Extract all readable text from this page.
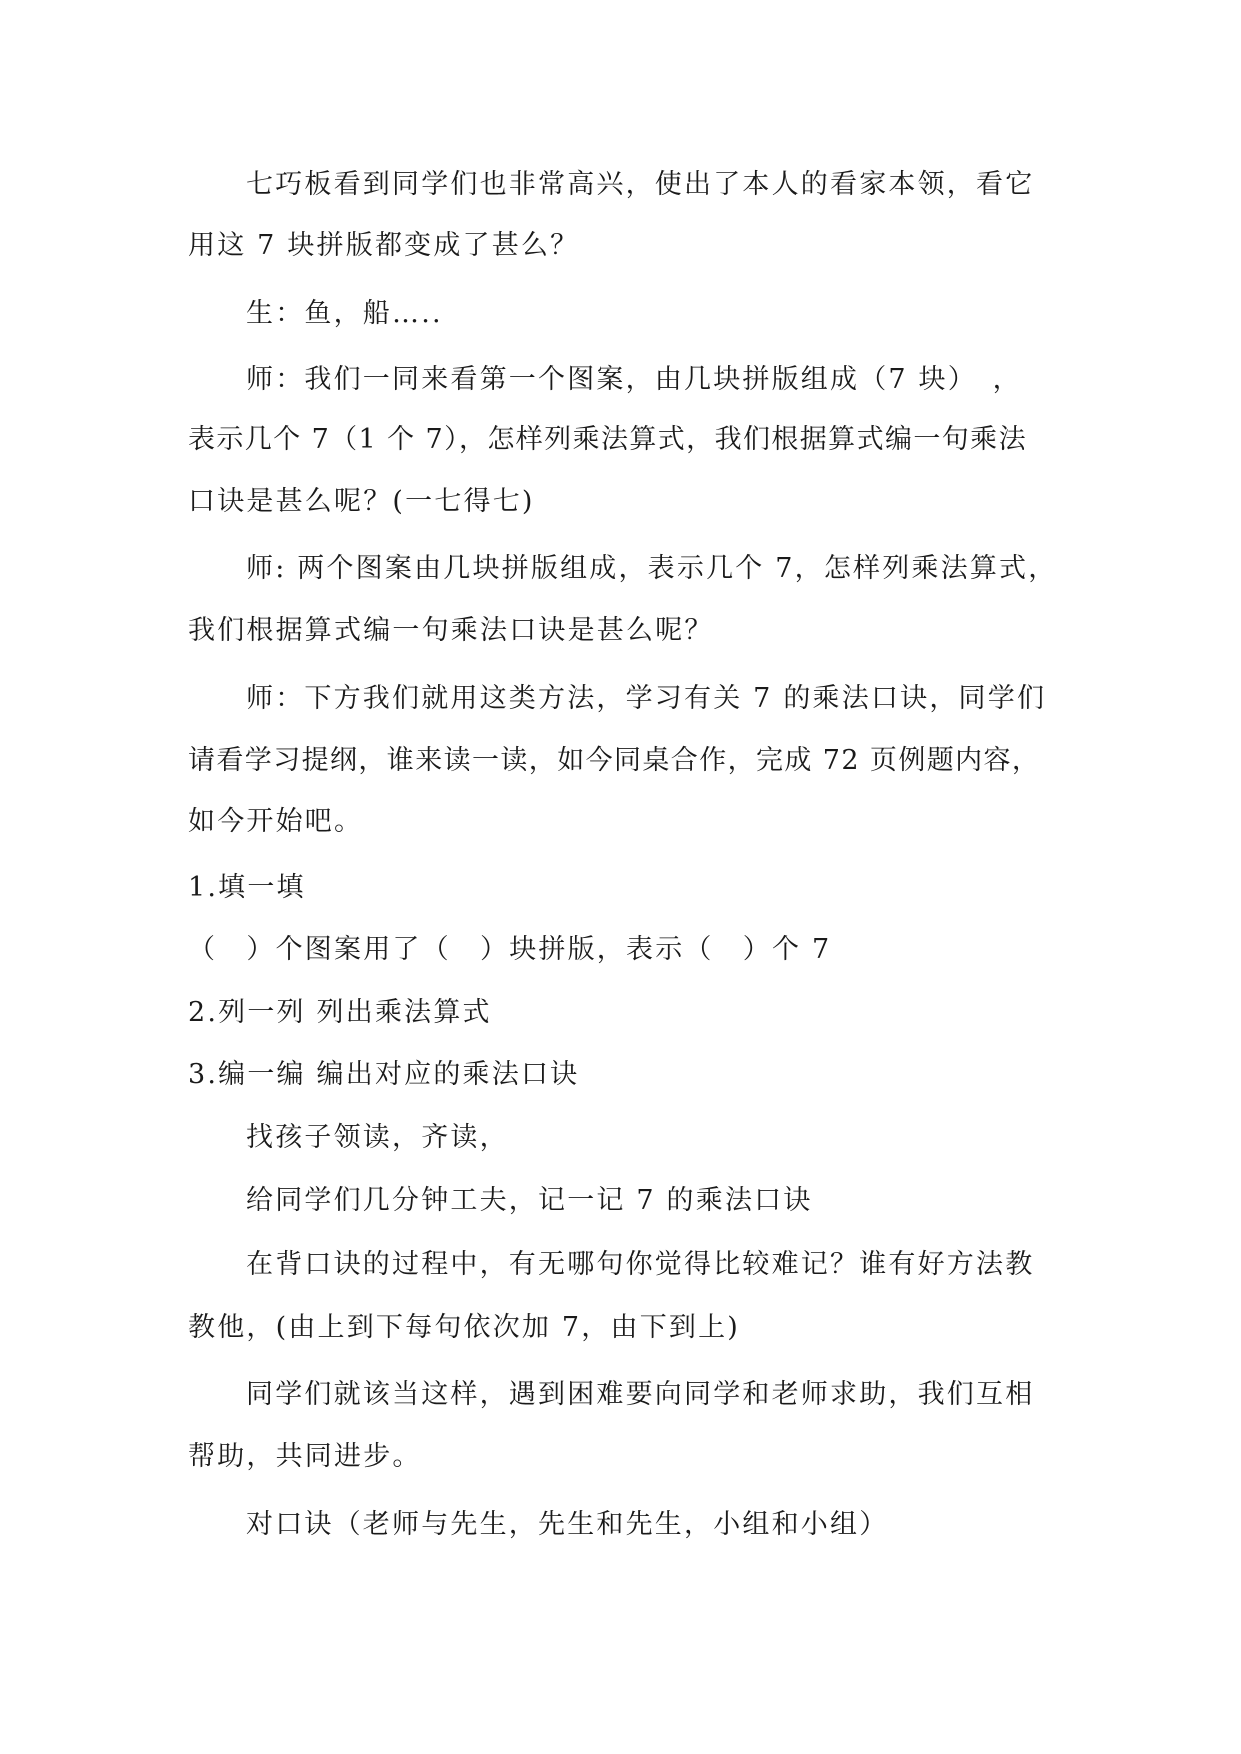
七巧板看到同学们也非常高兴，使出了本人的看家本领，看它

用这 7 块拼版都变成了甚么？

生：鱼，船…..

师：我们一同来看第一个图案，由几块拼版组成（7 块）　，

表示几个 7（1 个 7），怎样列乘法算式，我们根据算式编一句乘法

口诀是甚么呢？(一七得七)

师: 两个图案由几块拼版组成，表示几个 7，怎样列乘法算式，

我们根据算式编一句乘法口诀是甚么呢？

师：下方我们就用这类方法，学习有关 7 的乘法口诀，同学们

请看学习提纲，谁来读一读，如今同桌合作，完成 72 页例题内容，

如今开始吧。

1.填一填

（　）个图案用了（　）块拼版，表示（　）个 7

2.列一列 列出乘法算式

3.编一编 编出对应的乘法口诀

找孩子领读，齐读，

给同学们几分钟工夫，记一记 7 的乘法口诀

在背口诀的过程中，有无哪句你觉得比较难记？谁有好方法教

教他，(由上到下每句依次加 7，由下到上)

同学们就该当这样，遇到困难要向同学和老师求助，我们互相

帮助，共同进步。

对口诀（老师与先生，先生和先生，小组和小组）
